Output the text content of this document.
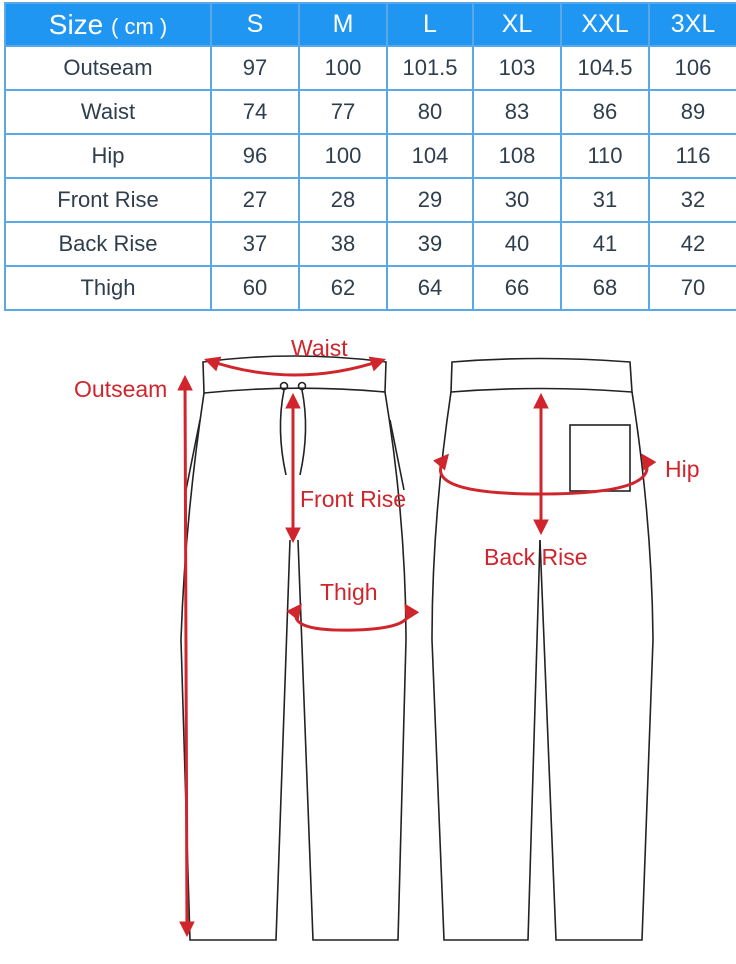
Size ( cm )	S	M	L	XL	XXL	3XL
Outseam	97	100	101.5	103	104.5	106
Waist	74	77	80	83	86	89
Hip	96	100	104	108	110	116
Front Rise	27	28	29	30	31	32
Back Rise	37	38	39	40	41	42
Thigh	60	62	64	66	68	70
Waist
Outseam
Front Rise
Thigh
Hip
Back Rise
